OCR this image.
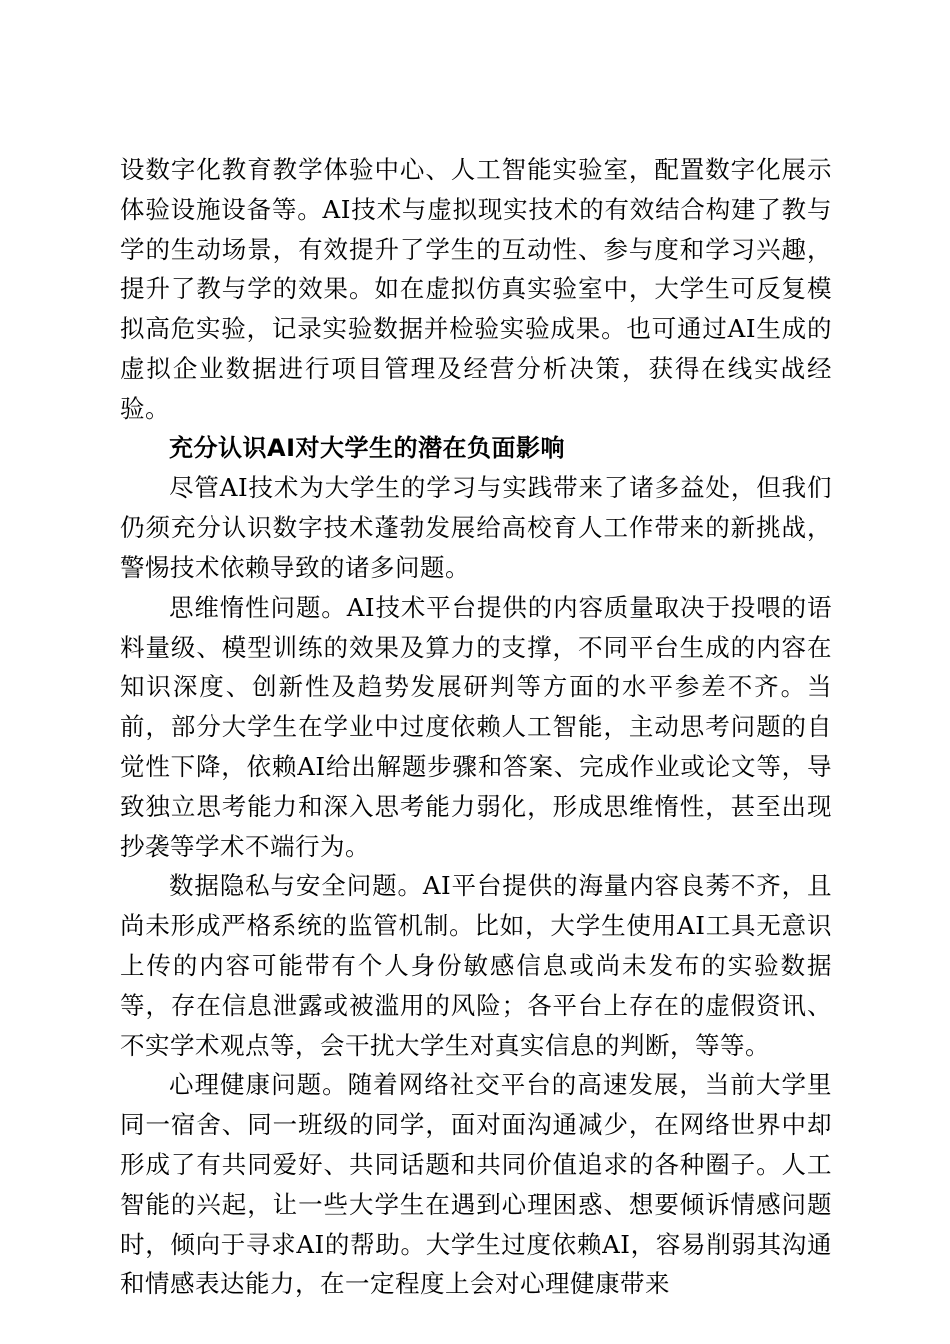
设数字化教育教学体验中心、人工智能实验室，配置数字化展示体验设施设备等。AI技术与虚拟现实技术的有效结合构建了教与学的生动场景，有效提升了学生的互动性、参与度和学习兴趣，提升了教与学的效果。如在虚拟仿真实验室中，大学生可反复模拟高危实验，记录实验数据并检验实验成果。也可通过AI生成的虚拟企业数据进行项目管理及经营分析决策，获得在线实战经验。

充分认识AI对大学生的潜在负面影响

尽管AI技术为大学生的学习与实践带来了诸多益处，但我们仍须充分认识数字技术蓬勃发展给高校育人工作带来的新挑战，警惕技术依赖导致的诸多问题。

思维惰性问题。AI技术平台提供的内容质量取决于投喂的语料量级、模型训练的效果及算力的支撑，不同平台生成的内容在知识深度、创新性及趋势发展研判等方面的水平参差不齐。当前，部分大学生在学业中过度依赖人工智能，主动思考问题的自觉性下降，依赖AI给出解题步骤和答案、完成作业或论文等，导致独立思考能力和深入思考能力弱化，形成思维惰性，甚至出现抄袭等学术不端行为。

数据隐私与安全问题。AI平台提供的海量内容良莠不齐，且尚未形成严格系统的监管机制。比如，大学生使用AI工具无意识上传的内容可能带有个人身份敏感信息或尚未发布的实验数据等，存在信息泄露或被滥用的风险；各平台上存在的虚假资讯、不实学术观点等，会干扰大学生对真实信息的判断，等等。

心理健康问题。随着网络社交平台的高速发展，当前大学里同一宿舍、同一班级的同学，面对面沟通减少，在网络世界中却形成了有共同爱好、共同话题和共同价值追求的各种圈子。人工智能的兴起，让一些大学生在遇到心理困惑、想要倾诉情感问题时，倾向于寻求AI的帮助。大学生过度依赖AI，容易削弱其沟通和情感表达能力，在一定程度上会对心理健康带来
